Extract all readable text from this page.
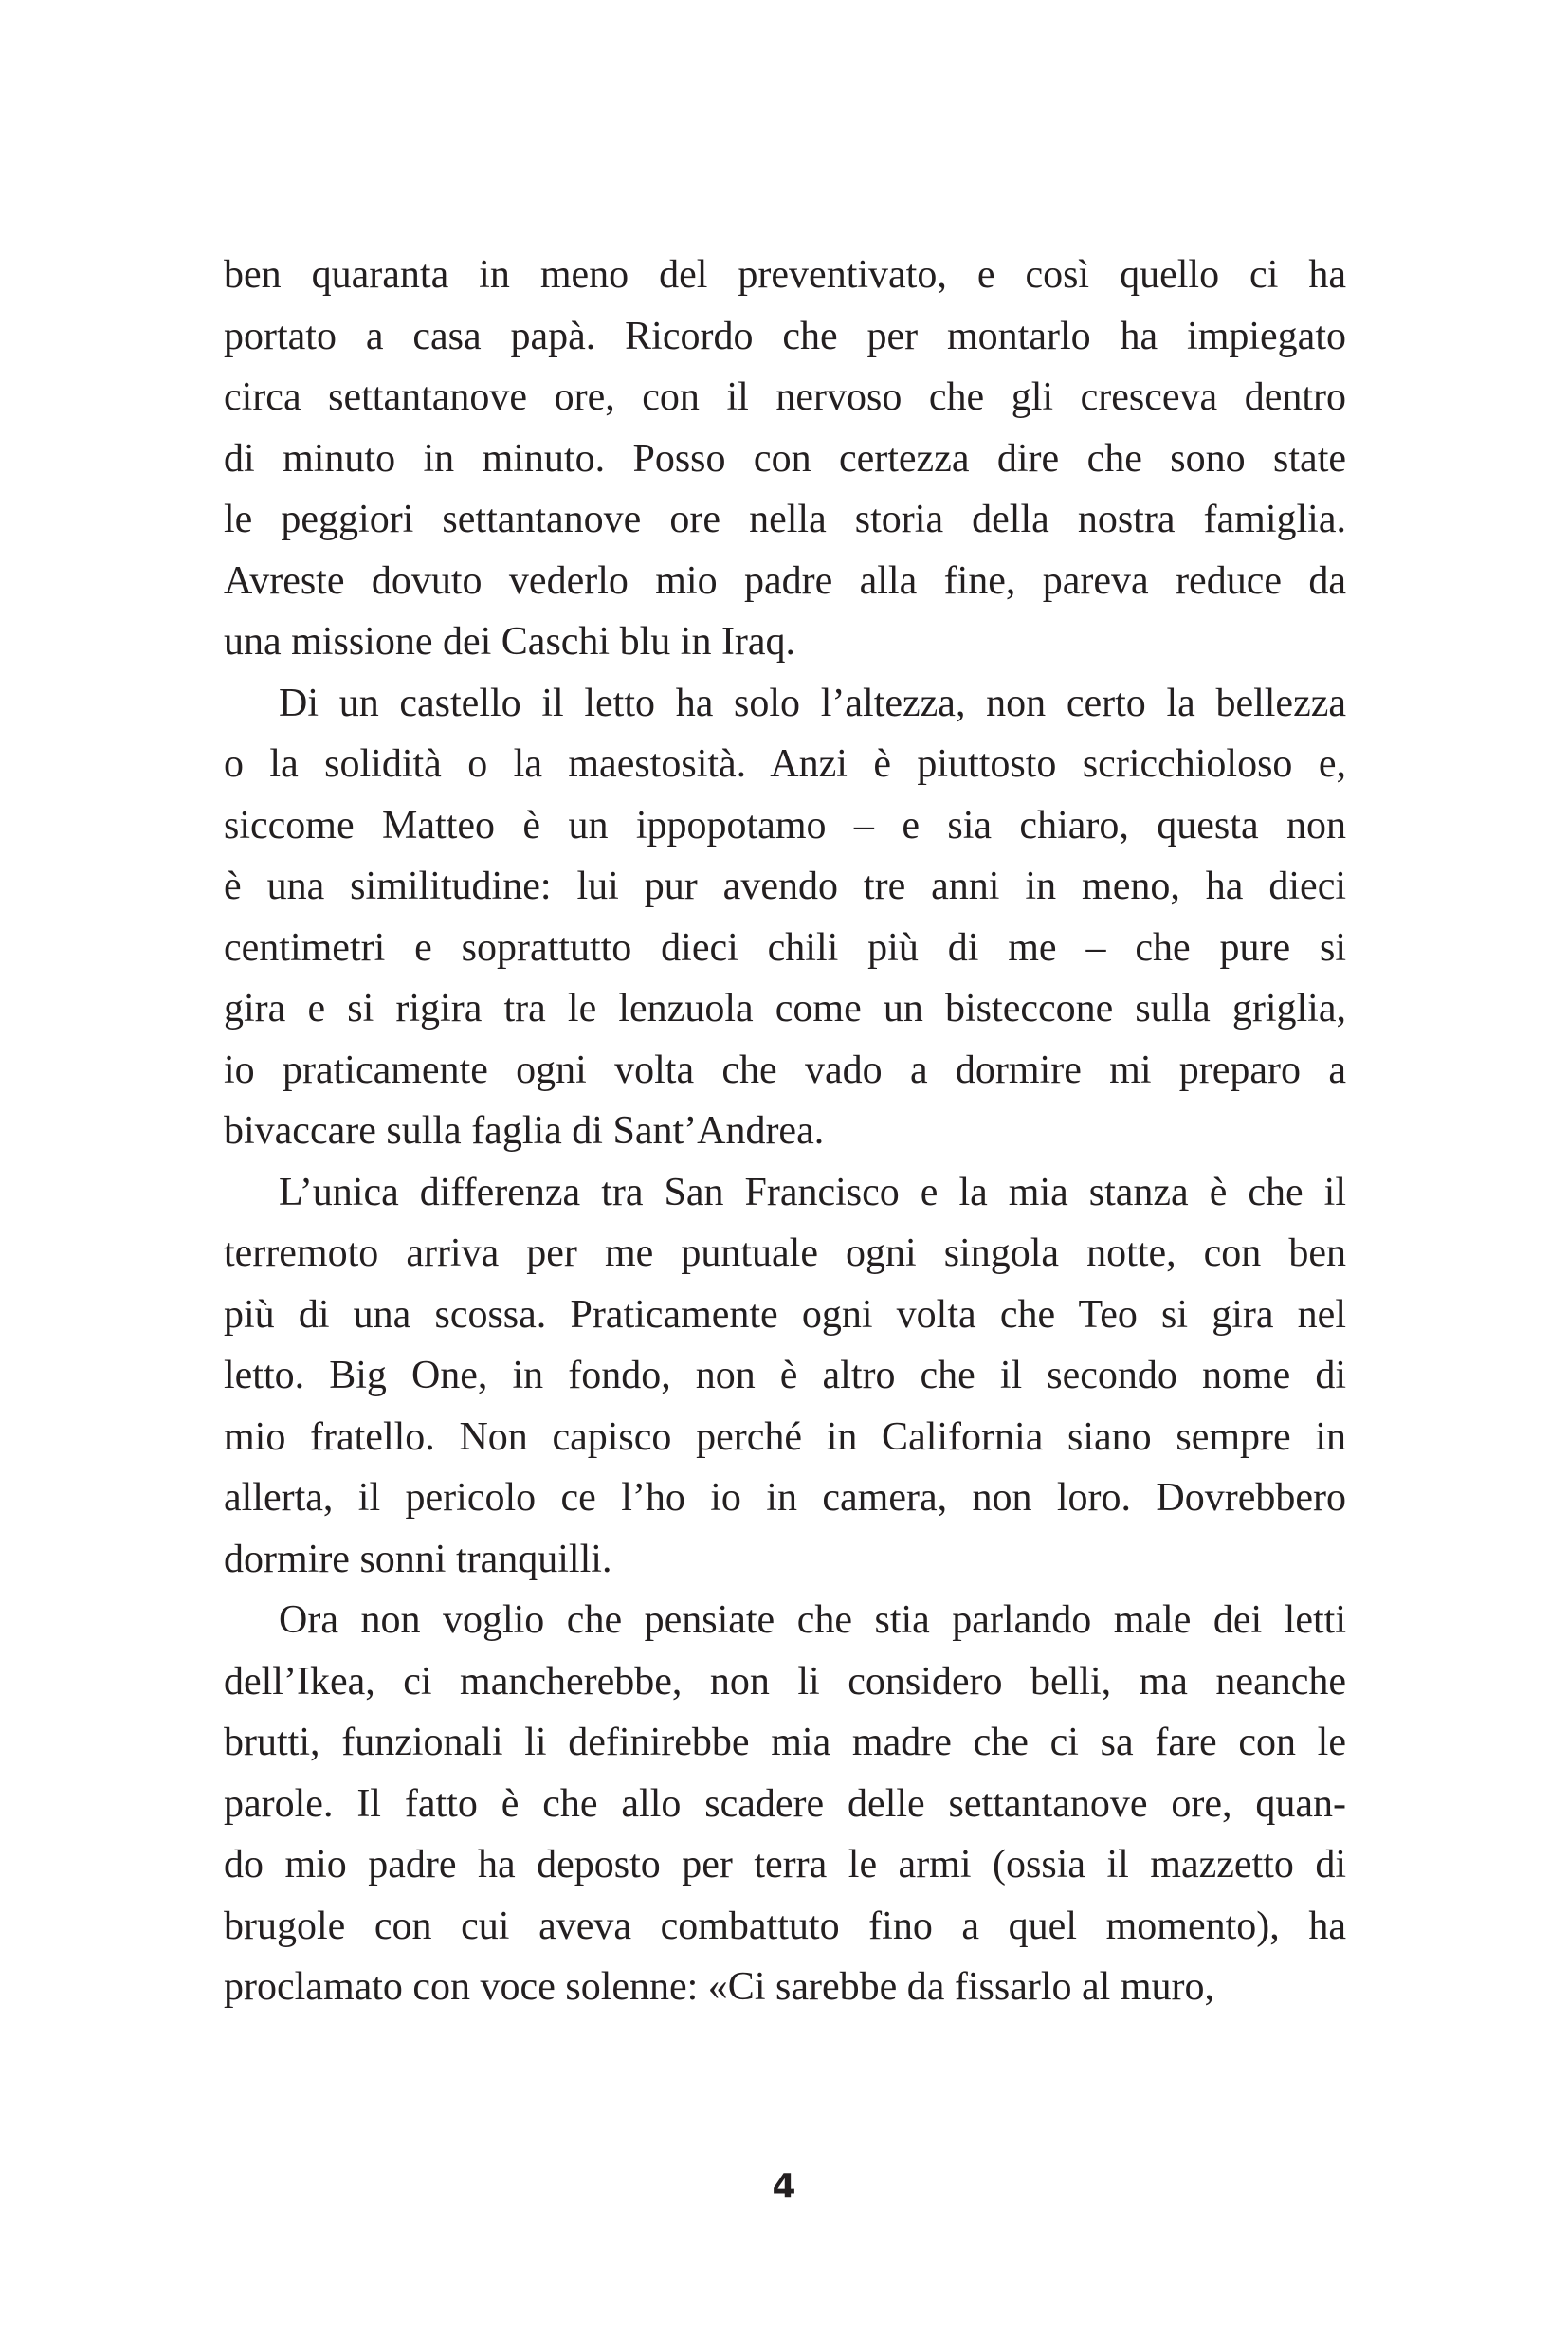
ben quaranta in meno del preventivato, e così quello ci ha
portato a casa papà. Ricordo che per montarlo ha impiegato
circa settantanove ore, con il nervoso che gli cresceva dentro
di minuto in minuto. Posso con certezza dire che sono state
le peggiori settantanove ore nella storia della nostra famiglia.
Avreste dovuto vederlo mio padre alla fine, pareva reduce da
una missione dei Caschi blu in Iraq.
Di un castello il letto ha solo l’altezza, non certo la bellezza
o la solidità o la maestosità. Anzi è piuttosto scricchioloso e,
siccome Matteo è un ippopotamo – e sia chiaro, questa non
è una similitudine: lui pur avendo tre anni in meno, ha dieci
centimetri e soprattutto dieci chili più di me – che pure si
gira e si rigira tra le lenzuola come un bisteccone sulla griglia,
io praticamente ogni volta che vado a dormire mi preparo a
bivaccare sulla faglia di Sant’Andrea.
L’unica differenza tra San Francisco e la mia stanza è che il
terremoto arriva per me puntuale ogni singola notte, con ben
più di una scossa. Praticamente ogni volta che Teo si gira nel
letto. Big One, in fondo, non è altro che il secondo nome di
mio fratello. Non capisco perché in California siano sempre in
allerta, il pericolo ce l’ho io in camera, non loro. Dovrebbero
dormire sonni tranquilli.
Ora non voglio che pensiate che stia parlando male dei letti
dell’Ikea, ci mancherebbe, non li considero belli, ma neanche
brutti, funzionali li definirebbe mia madre che ci sa fare con le
parole. Il fatto è che allo scadere delle settantanove ore, quan-
do mio padre ha deposto per terra le armi (ossia il mazzetto di
brugole con cui aveva combattuto fino a quel momento), ha
proclamato con voce solenne: «Ci sarebbe da fissarlo al muro,
4
